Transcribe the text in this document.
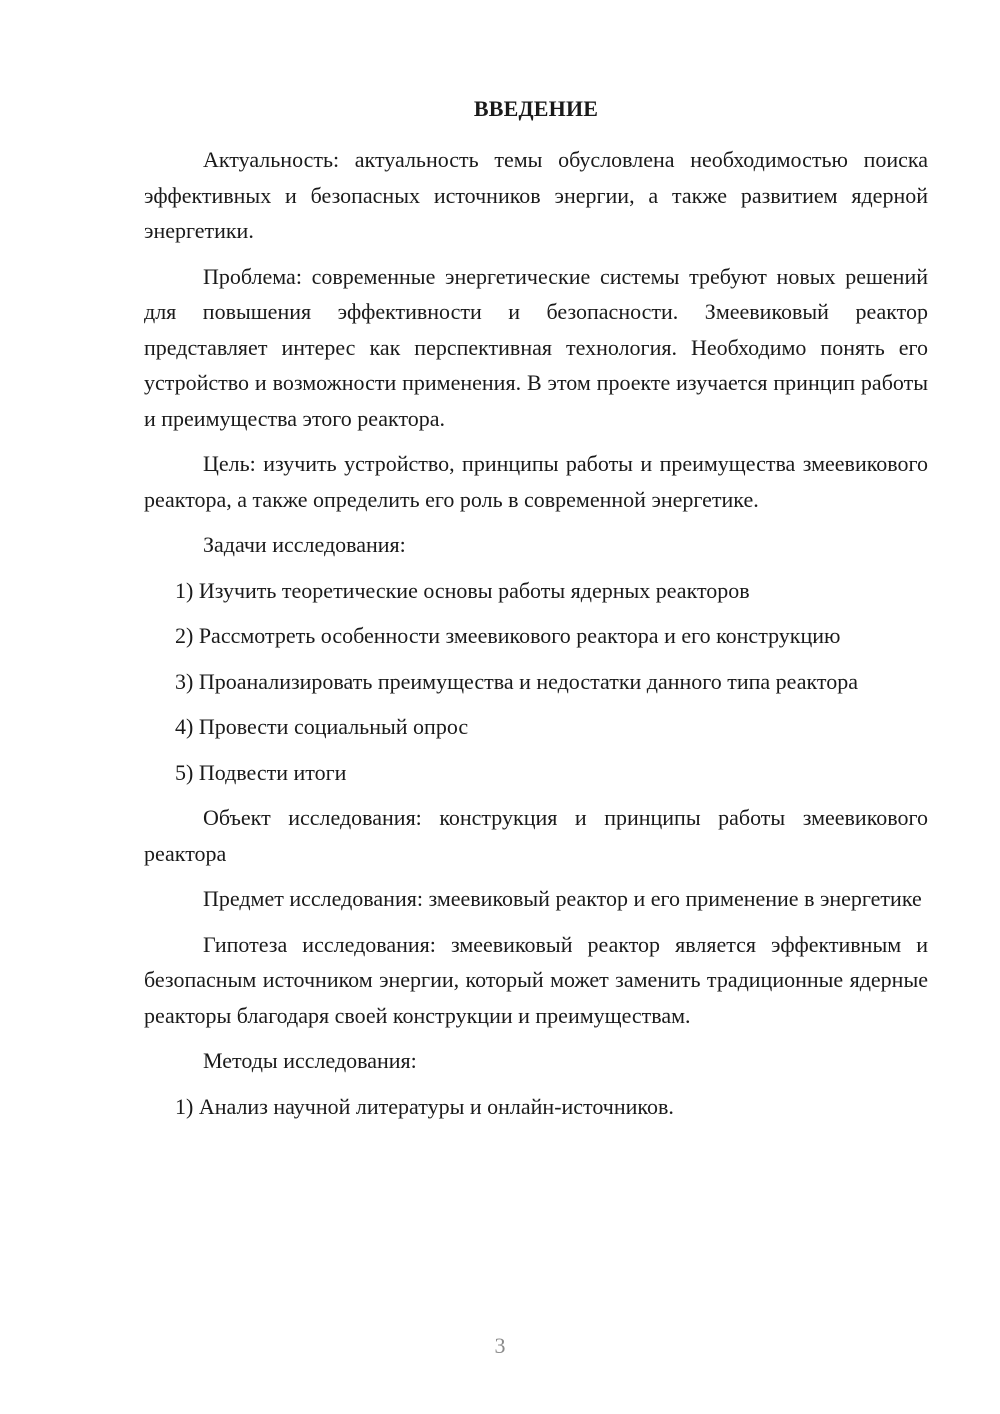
ВВЕДЕНИЕ

Актуальность: актуальность темы обусловлена необходимостью поиска эффективных и безопасных источников энергии, а также развитием ядерной энергетики.

Проблема: современные энергетические системы требуют новых решений для повышения эффективности и безопасности. Змеевиковый реактор представляет интерес как перспективная технология. Необходимо понять его устройство и возможности применения. В этом проекте изучается принцип работы и преимущества этого реактора.

Цель: изучить устройство, принципы работы и преимущества змеевикового реактора, а также определить его роль в современной энергетике.

Задачи исследования:

1) Изучить теоретические основы работы ядерных реакторов

2) Рассмотреть особенности змеевикового реактора и его конструкцию

3) Проанализировать преимущества и недостатки данного типа реактора

4) Провести социальный опрос

5) Подвести итоги

Объект исследования: конструкция и принципы работы змеевикового реактора

Предмет исследования: змеевиковый реактор и его применение в энергетике

Гипотеза исследования: змеевиковый реактор является эффективным и безопасным источником энергии, который может заменить традиционные ядерные реакторы благодаря своей конструкции и преимуществам.

Методы исследования:

1) Анализ научной литературы и онлайн-источников.

3
